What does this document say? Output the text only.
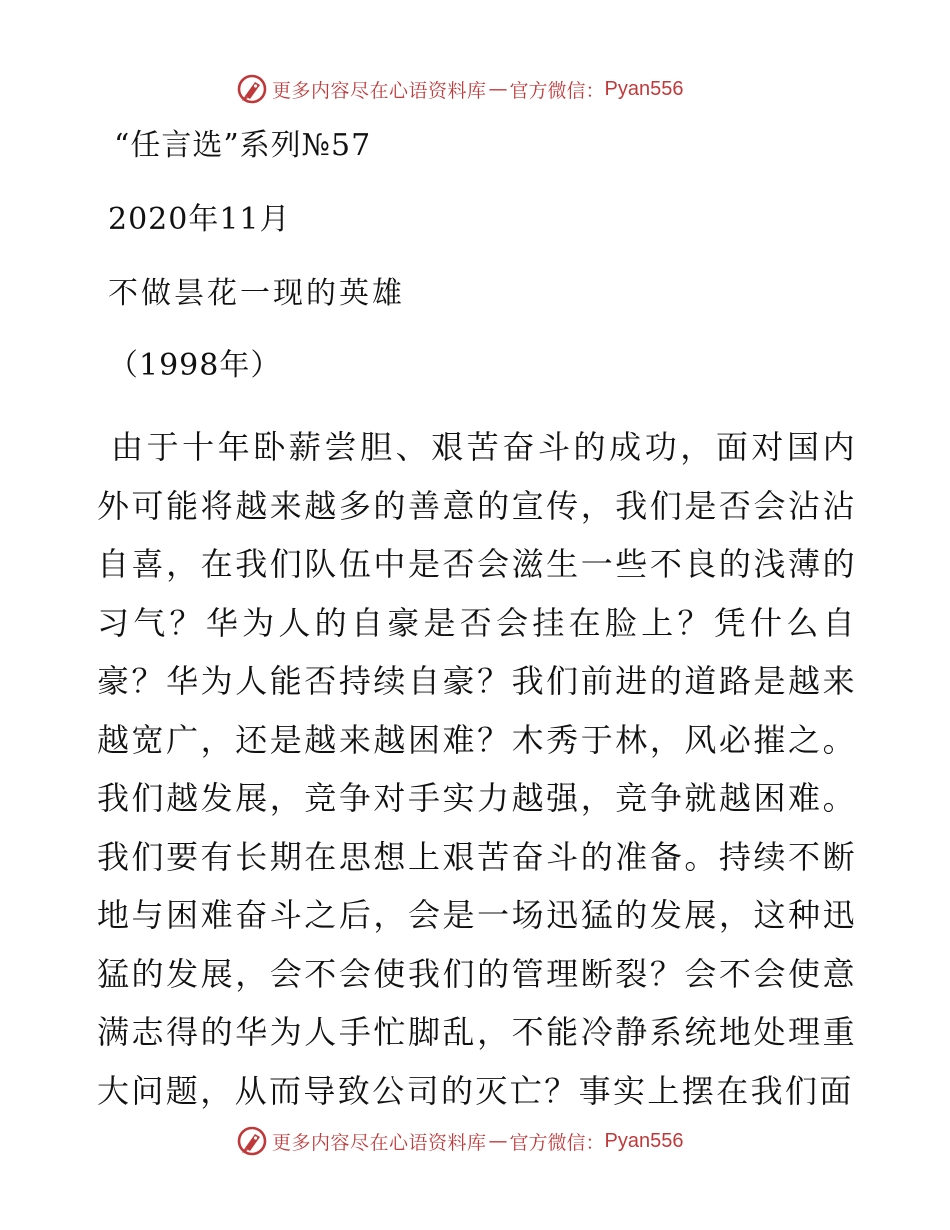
更多内容尽在心语资料库 — 官方微信： Pyan556
“任言选”系列№57
2020年11月
不做昙花一现的英雄
（1998年）

由于十年卧薪尝胆、艰苦奋斗的成功，面对国内外可能将越来越多的善意的宣传，我们是否会沾沾自喜，在我们队伍中是否会滋生一些不良的浅薄的习气？华为人的自豪是否会挂在脸上？凭什么自豪？华为人能否持续自豪？我们前进的道路是越来越宽广，还是越来越困难？木秀于林，风必摧之。我们越发展，竞争对手实力越强，竞争就越困难。我们要有长期在思想上艰苦奋斗的准备。持续不断地与困难奋斗之后，会是一场迅猛的发展，这种迅猛的发展，会不会使我们的管理断裂？会不会使意满志得的华为人手忙脚乱，不能冷静系统地处理重大问题，从而导致公司的灭亡？事实上摆在我们面

更多内容尽在心语资料库 — 官方微信： Pyan556
